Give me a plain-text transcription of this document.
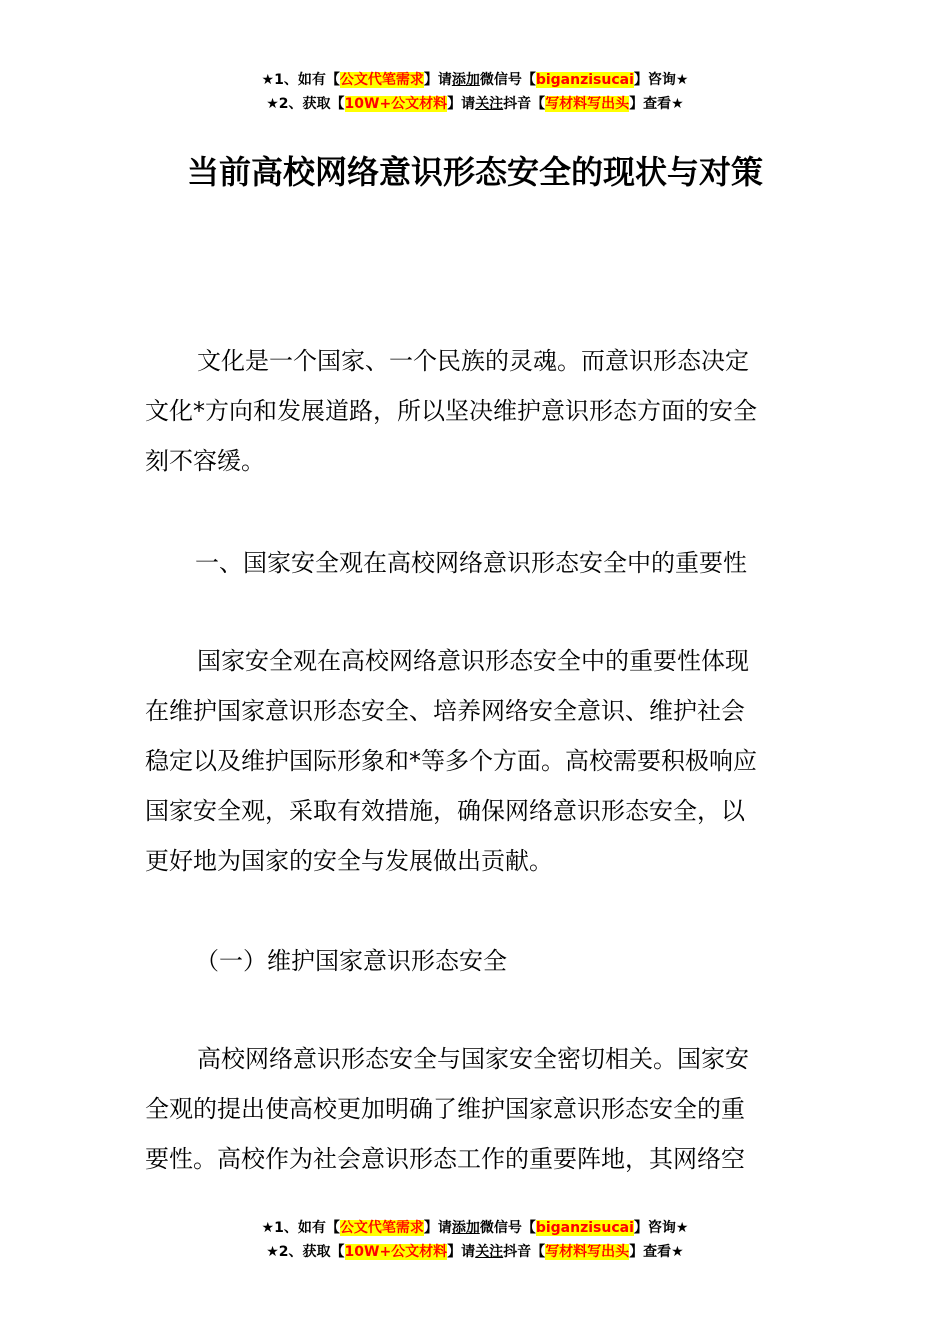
★1、如有【公文代笔需求】请添加微信号【biganzisucai】咨询★
★2、获取【10W+公文材料】请关注抖音【写材料写出头】查看★
当前高校网络意识形态安全的现状与对策
文化是一个国家、一个民族的灵魂。而意识形态决定
文化*方向和发展道路，所以坚决维护意识形态方面的安全
刻不容缓。
一、国家安全观在高校网络意识形态安全中的重要性
国家安全观在高校网络意识形态安全中的重要性体现
在维护国家意识形态安全、培养网络安全意识、维护社会
稳定以及维护国际形象和*等多个方面。高校需要积极响应
国家安全观，采取有效措施，确保网络意识形态安全，以
更好地为国家的安全与发展做出贡献。
（一）维护国家意识形态安全
高校网络意识形态安全与国家安全密切相关。国家安
全观的提出使高校更加明确了维护国家意识形态安全的重
要性。高校作为社会意识形态工作的重要阵地，其网络空
★1、如有【公文代笔需求】请添加微信号【biganzisucai】咨询★
★2、获取【10W+公文材料】请关注抖音【写材料写出头】查看★
